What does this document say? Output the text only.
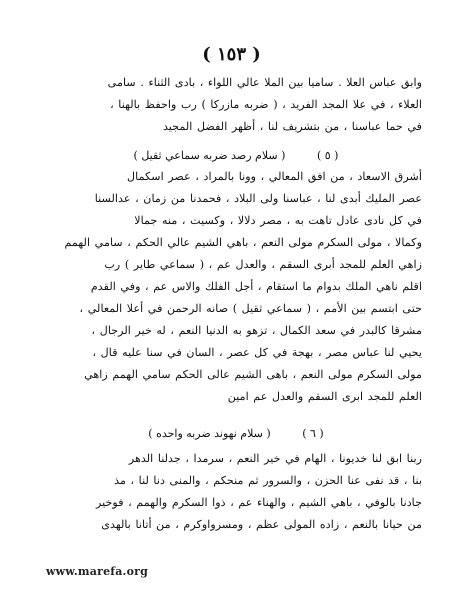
( ١٥٣ )
وابق عباس العلا . ساميا بين الملا عالي اللواء ، بادى الثناء . سامى
العلاء ، في علا المجد الفريد ، ( ضربه مازركا ) رب واحفظ بالهنا ،
في حما عباسنا ، من بتشريف لنا ، أظهر الفضل المجيد
( ٥ ) ( سلام رصد ضربه سماعي ثقيل )
أشرق الاسعاد ، من افق المعالي ، وونا بالمراد ، عصر اسكمال
عصر المليك أبدى لنا ، عباسنا ولى البلاد ، فحمدنا من زمان ، عدالسنا
في كل نادى عادل تاهت به ، مصر دلالا ، وكسيت ، منه جمالا
وكمالا ، مولى السكرم مولى النعم ، باهي الشيم عالي الحكم ، سامي الهمم
زاهي العلم للمجد أبرى السقم ، والعدل عم ، ( سماعي طاير ) رب
اقلم ناهي الملك بدوام ما استقام ، أجل الفلك والاس عم ، وفي القدم
حتى ابتسم بين الأمم ، ( سماعي ثقيل ) صانه الرحمن في أعلا المعالي ،
مشرقا كالبدر في سعد الكمال ، تزهو به الدنيا النعم ، له خير الرجال ،
يحيي لنا عباس مصر ، بهجة في كل عصر ، السان في سنا عليه قال ،
مولى السكرم مولى النعم ، باهى الشيم عالى الحكم سامي الهمم زاهي
العلم للمجد ابرى السقم والعدل عم امين
( ٦ ) ( سلام نهوند ضربه واحده )
ربنا ابق لنا خديونا ، الهام في خير النعم ، سرمدا ، جدلنا الدهر
بنا ، قد نفى عنا الحزن ، والسرور ثم منحكم ، والمنى دنا لنا ، مذ
جادنا بالوفي ، باهي الشيم ، والهناء عم ، ذوا السكرم والهمم ، فوخير
من حيانا بالنعم ، زاده المولى عظم ، ومسرواوكرم ، من أتانا بالهدى
www.marefa.org
